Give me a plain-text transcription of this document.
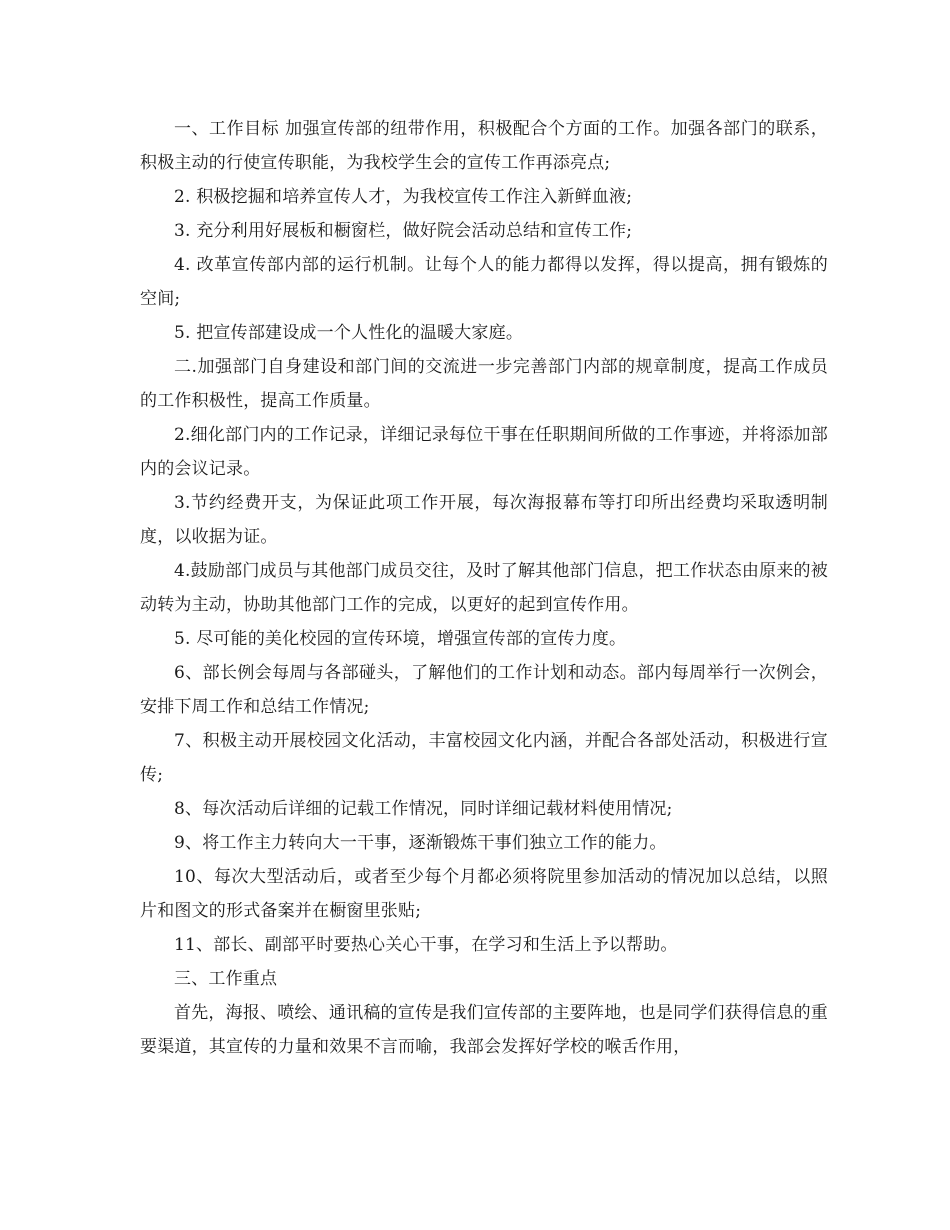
一、工作目标 加强宣传部的纽带作用，积极配合个方面的工作。加强各部门的联系，积极主动的行使宣传职能，为我校学生会的宣传工作再添亮点;

2. 积极挖掘和培养宣传人才，为我校宣传工作注入新鲜血液;

3. 充分利用好展板和橱窗栏，做好院会活动总结和宣传工作;

4. 改革宣传部内部的运行机制。让每个人的能力都得以发挥，得以提高，拥有锻炼的空间;

5. 把宣传部建设成一个人性化的温暖大家庭。

二.加强部门自身建设和部门间的交流进一步完善部门内部的规章制度，提高工作成员的工作积极性，提高工作质量。

2.细化部门内的工作记录，详细记录每位干事在任职期间所做的工作事迹，并将添加部内的会议记录。

3.节约经费开支，为保证此项工作开展，每次海报幕布等打印所出经费均采取透明制度，以收据为证。

4.鼓励部门成员与其他部门成员交往，及时了解其他部门信息，把工作状态由原来的被动转为主动，协助其他部门工作的完成，以更好的起到宣传作用。

5. 尽可能的美化校园的宣传环境，增强宣传部的宣传力度。

6、部长例会每周与各部碰头，了解他们的工作计划和动态。部内每周举行一次例会，安排下周工作和总结工作情况;

7、积极主动开展校园文化活动，丰富校园文化内涵，并配合各部处活动，积极进行宣传;

8、每次活动后详细的记载工作情况，同时详细记载材料使用情况;

9、将工作主力转向大一干事，逐渐锻炼干事们独立工作的能力。

10、每次大型活动后，或者至少每个月都必须将院里参加活动的情况加以总结，以照片和图文的形式备案并在橱窗里张贴;

11、部长、副部平时要热心关心干事，在学习和生活上予以帮助。

三、工作重点

首先，海报、喷绘、通讯稿的宣传是我们宣传部的主要阵地，也是同学们获得信息的重要渠道，其宣传的力量和效果不言而喻，我部会发挥好学校的喉舌作用，
